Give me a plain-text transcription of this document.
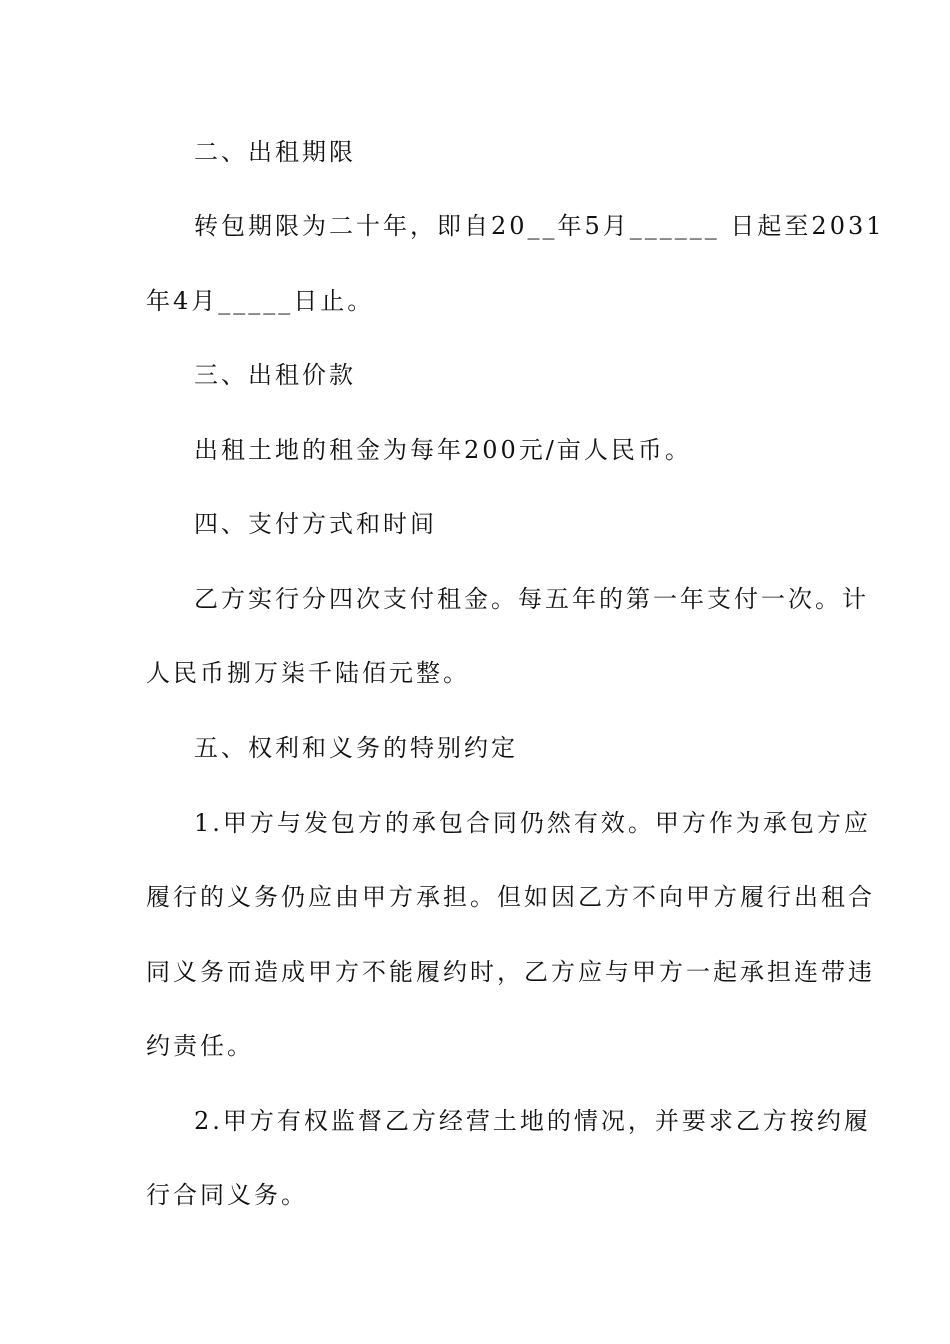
二、出租期限
转包期限为二十年，即自20__年5月______ 日起至2031
年4月_____日止。
三、出租价款
出租土地的租金为每年200元/亩人民币。
四、支付方式和时间
乙方实行分四次支付租金。每五年的第一年支付一次。计
人民币捌万柒千陆佰元整。
五、权利和义务的特别约定
1.甲方与发包方的承包合同仍然有效。甲方作为承包方应
履行的义务仍应由甲方承担。但如因乙方不向甲方履行出租合
同义务而造成甲方不能履约时，乙方应与甲方一起承担连带违
约责任。
2.甲方有权监督乙方经营土地的情况，并要求乙方按约履
行合同义务。
